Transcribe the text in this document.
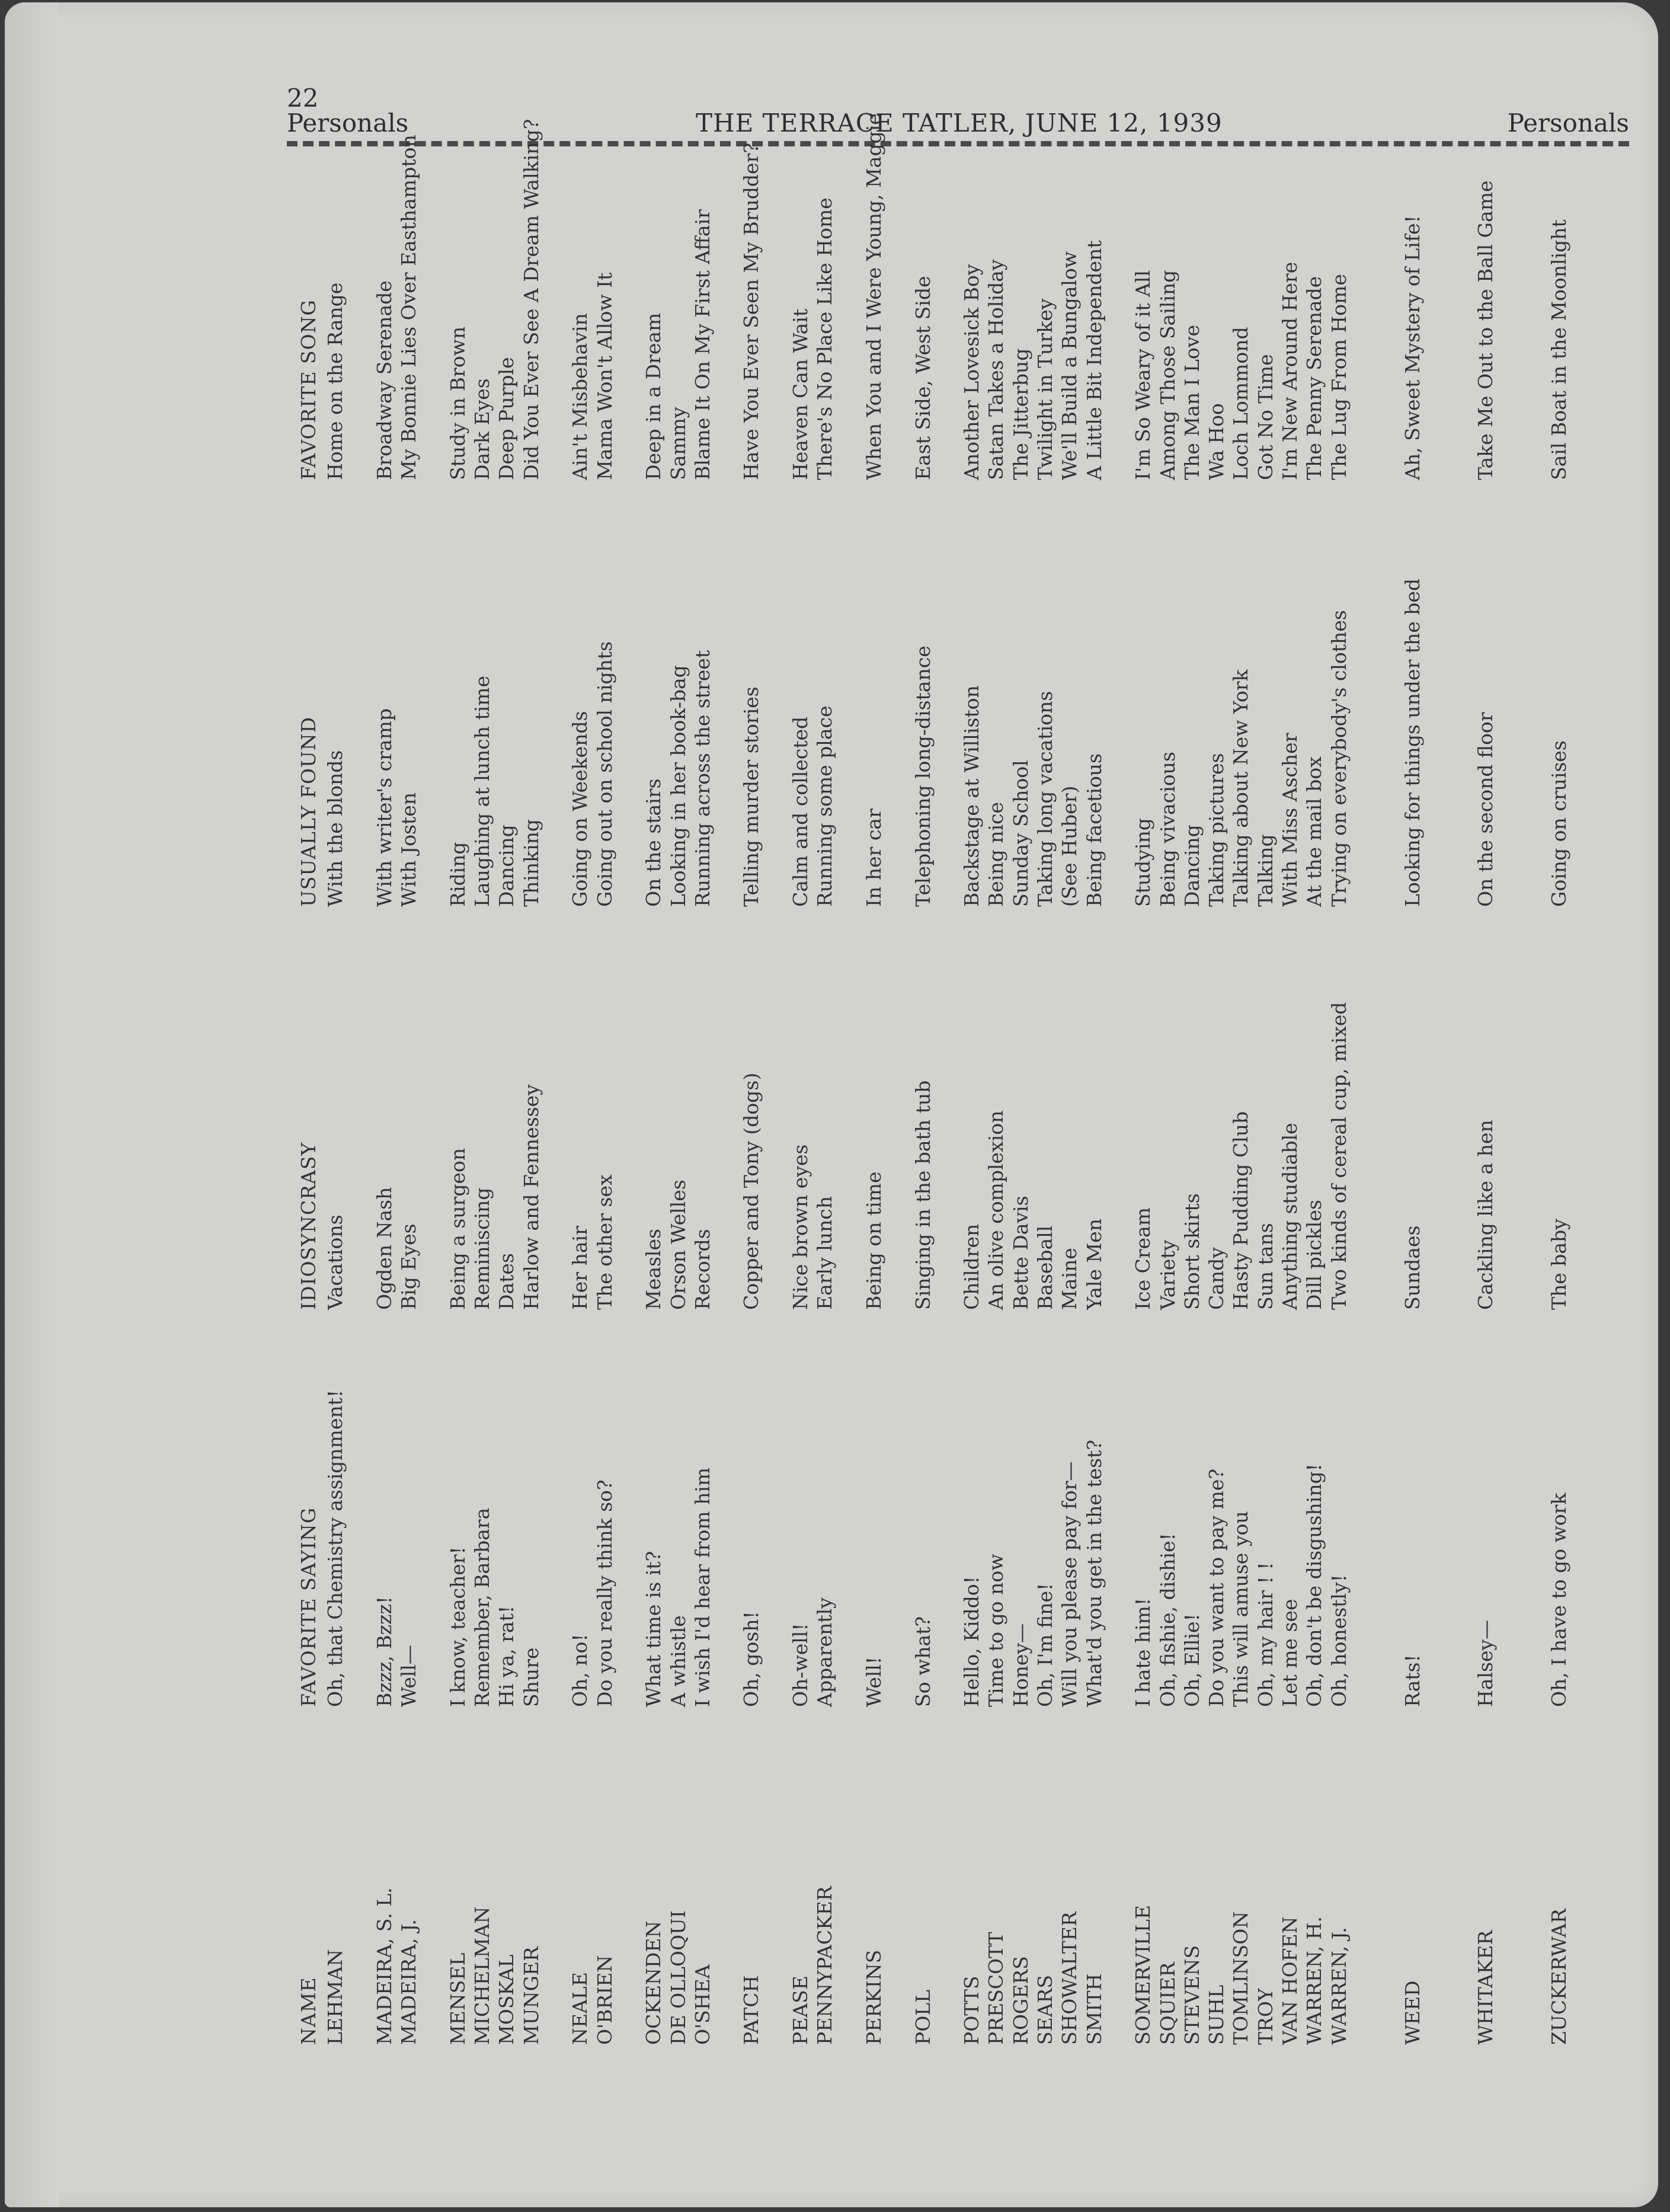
22
Personals	THE TERRACE TATLER, JUNE 12, 1939	Personals
NAME
FAVORITE SAYING
IDIOSYNCRASY
USUALLY FOUND
FAVORITE SONG
LEHMAN
Oh, that Chemistry assignment!
Vacations
With the blonds
Home on the Range
MADEIRA, S. L.
Bzzz, Bzzz!
Ogden Nash
With writer's cramp
Broadway Serenade
MADEIRA, J.
Well—
Big Eyes
With Josten
My Bonnie Lies Over Easthampton
MENSEL
I know, teacher!
Being a surgeon
Riding
Study in Brown
MICHELMAN
Remember, Barbara
Reminiscing
Laughing at lunch time
Dark Eyes
MOSKAL
Hi ya, rat!
Dates
Dancing
Deep Purple
MUNGER
Shure
Harlow and Fennessey
Thinking
Did You Ever See A Dream Walking?
NEALE
Oh, no!
Her hair
Going on Weekends
Ain't Misbehavin
O'BRIEN
Do you really think so?
The other sex
Going out on school nights
Mama Won't Allow It
OCKENDEN
What time is it?
Measles
On the stairs
Deep in a Dream
DE OLLOQUI
A whistle
Orson Welles
Looking in her book-bag
Sammy
O'SHEA
I wish I'd hear from him
Records
Running across the street
Blame It On My First Affair
PATCH
Oh, gosh!
Copper and Tony (dogs)
Telling murder stories
Have You Ever Seen My Brudder?
PEASE
Oh-well!
Nice brown eyes
Calm and collected
Heaven Can Wait
PENNYPACKER
Apparently
Early lunch
Running some place
There's No Place Like Home
PERKINS
Well!
Being on time
In her car
When You and I Were Young, Maggie
POLL
So what?
Singing in the bath tub
Telephoning long-distance
East Side, West Side
POTTS
Hello, Kiddo!
Children
Backstage at Williston
Another Lovesick Boy
PRESCOTT
Time to go now
An olive complexion
Being nice
Satan Takes a Holiday
ROGERS
Honey—
Bette Davis
Sunday School
The Jitterbug
SEARS
Oh, I'm fine!
Baseball
Taking long vacations
Twilight in Turkey
SHOWALTER
Will you please pay for—
Maine
(See Huber)
We'll Build a Bungalow
SMITH
What'd you get in the test?
Yale Men
Being facetious
A Little Bit Independent
SOMERVILLE
I hate him!
Ice Cream
Studying
I'm So Weary of it All
SQUIER
Oh, fishie, dishie!
Variety
Being vivacious
Among Those Sailing
STEVENS
Oh, Ellie!
Short skirts
Dancing
The Man I Love
SUHL
Do you want to pay me?
Candy
Taking pictures
Wa Hoo
TOMLINSON
This will amuse you
Hasty Pudding Club
Talking about New York
Loch Lommond
TROY
Oh, my hair ! !
Sun tans
Talking
Got No Time
VAN HOFEN
Let me see
Anything studiable
With Miss Ascher
I'm New Around Here
WARREN, H.
Oh, don't be disgushing!
Dill pickles
At the mail box
The Penny Serenade
WARREN, J.
Oh, honestly!
Two kinds of cereal cup, mixed
Trying on everybody's clothes
The Lug From Home
WEED
Rats!
Sundaes
Looking for things under the bed
Ah, Sweet Mystery of Life!
WHITAKER
Halsey—
Cackling like a hen
On the second floor
Take Me Out to the Ball Game
ZUCKERWAR
Oh, I have to go work
The baby
Going on cruises
Sail Boat in the Moonlight
